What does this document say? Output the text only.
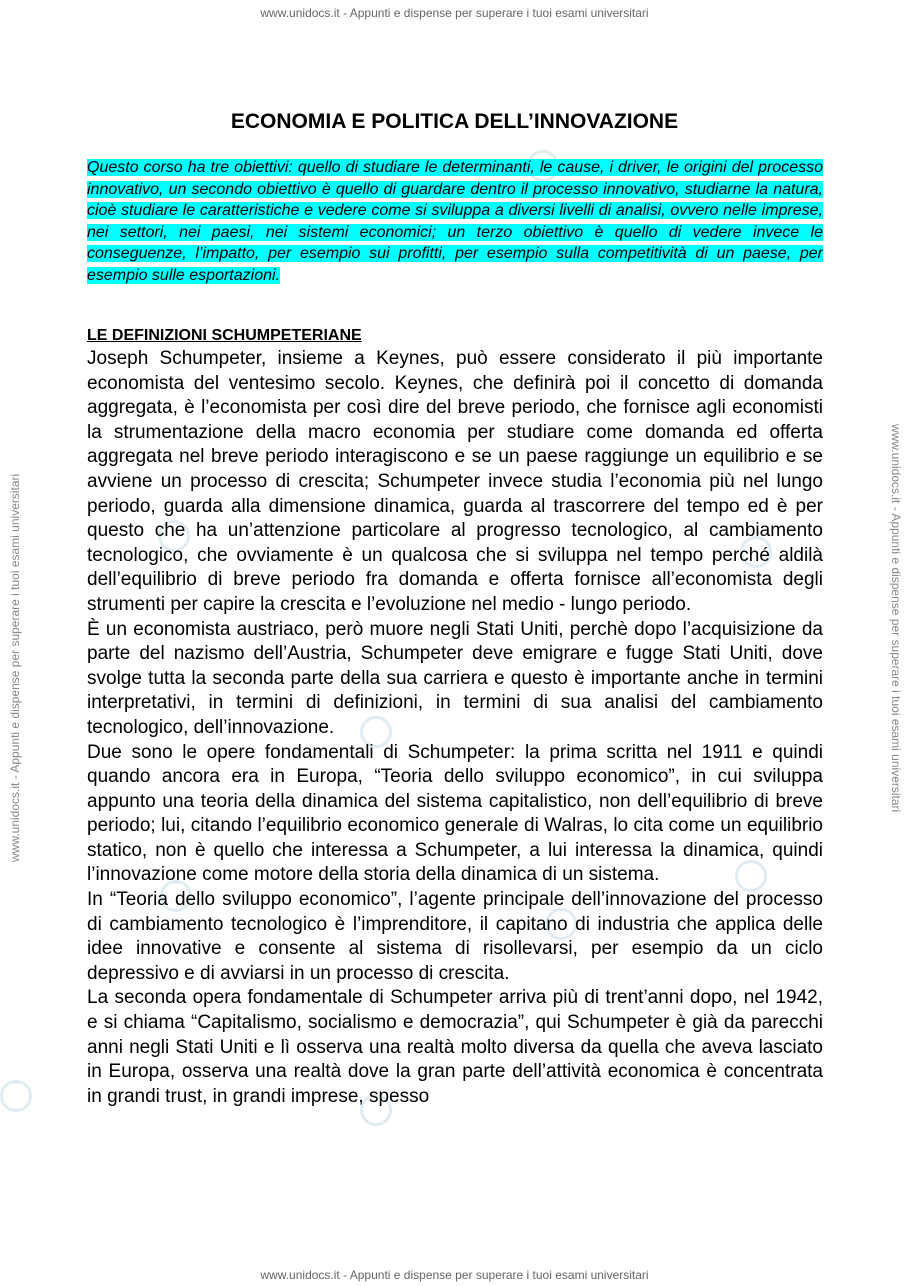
www.unidocs.it - Appunti e dispense per superare i tuoi esami universitari
www.unidocs.it - Appunti e dispense per superare i tuoi esami universitari
www.unidocs.it - Appunti e dispense per superare i tuoi esami universitari	www.unidocs.it - Appunti e dispense per superare i tuoi esami universitari
ECONOMIA E POLITICA DELL’INNOVAZIONE

Questo corso ha tre obiettivi: quello di studiare le determinanti, le cause, i driver, le origini del processo innovativo, un secondo obiettivo è quello di guardare dentro il processo innovativo, studiarne la natura, cioè studiare le caratteristiche e vedere come si sviluppa a diversi livelli di analisi, ovvero nelle imprese, nei settori, nei paesi, nei sistemi economici; un terzo obiettivo è quello di vedere invece le conseguenze, l’impatto, per esempio sui profitti, per esempio sulla competitività di un paese, per esempio sulle esportazioni.

LE DEFINIZIONI SCHUMPETERIANE

Joseph Schumpeter, insieme a Keynes, può essere considerato il più importante economista del ventesimo secolo. Keynes, che definirà poi il concetto di domanda aggregata, è l’economista per così dire del breve periodo, che fornisce agli economisti la strumentazione della macro economia per studiare come domanda ed offerta aggregata nel breve periodo interagiscono e se un paese raggiunge un equilibrio e se avviene un processo di crescita; Schumpeter invece studia l’economia più nel lungo periodo, guarda alla dimensione dinamica, guarda al trascorrere del tempo ed è per questo che ha un’attenzione particolare al progresso tecnologico, al cambiamento tecnologico, che ovviamente è un qualcosa che si sviluppa nel tempo perché aldilà dell’equilibrio di breve periodo fra domanda e offerta fornisce all’economista degli strumenti per capire la crescita e l’evoluzione nel medio - lungo periodo.

È un economista austriaco, però muore negli Stati Uniti, perchè dopo l’acquisizione da parte del nazismo dell’Austria, Schumpeter deve emigrare e fugge Stati Uniti, dove svolge tutta la seconda parte della sua carriera e questo è importante anche in termini interpretativi, in termini di definizioni, in termini di sua analisi del cambiamento tecnologico, dell’innovazione.

Due sono le opere fondamentali di Schumpeter: la prima scritta nel 1911 e quindi quando ancora era in Europa, “Teoria dello sviluppo economico”, in cui sviluppa appunto una teoria della dinamica del sistema capitalistico, non dell’equilibrio di breve periodo; lui, citando l’equilibrio economico generale di Walras, lo cita come un equilibrio statico, non è quello che interessa a Schumpeter, a lui interessa la dinamica, quindi l’innovazione come motore della storia della dinamica di un sistema.

In “Teoria dello sviluppo economico”, l’agente principale dell’innovazione del processo di cambiamento tecnologico è l’imprenditore, il capitano di industria che applica delle idee innovative e consente al sistema di risollevarsi, per esempio da un ciclo depressivo e di avviarsi in un processo di crescita.

La seconda opera fondamentale di Schumpeter arriva più di trent’anni dopo, nel 1942, e si chiama “Capitalismo, socialismo e democrazia”, qui Schumpeter è già da parecchi anni negli Stati Uniti e lì osserva una realtà molto diversa da quella che aveva lasciato in Europa, osserva una realtà dove la gran parte dell’attività economica è concentrata in grandi trust, in grandi imprese, spesso
